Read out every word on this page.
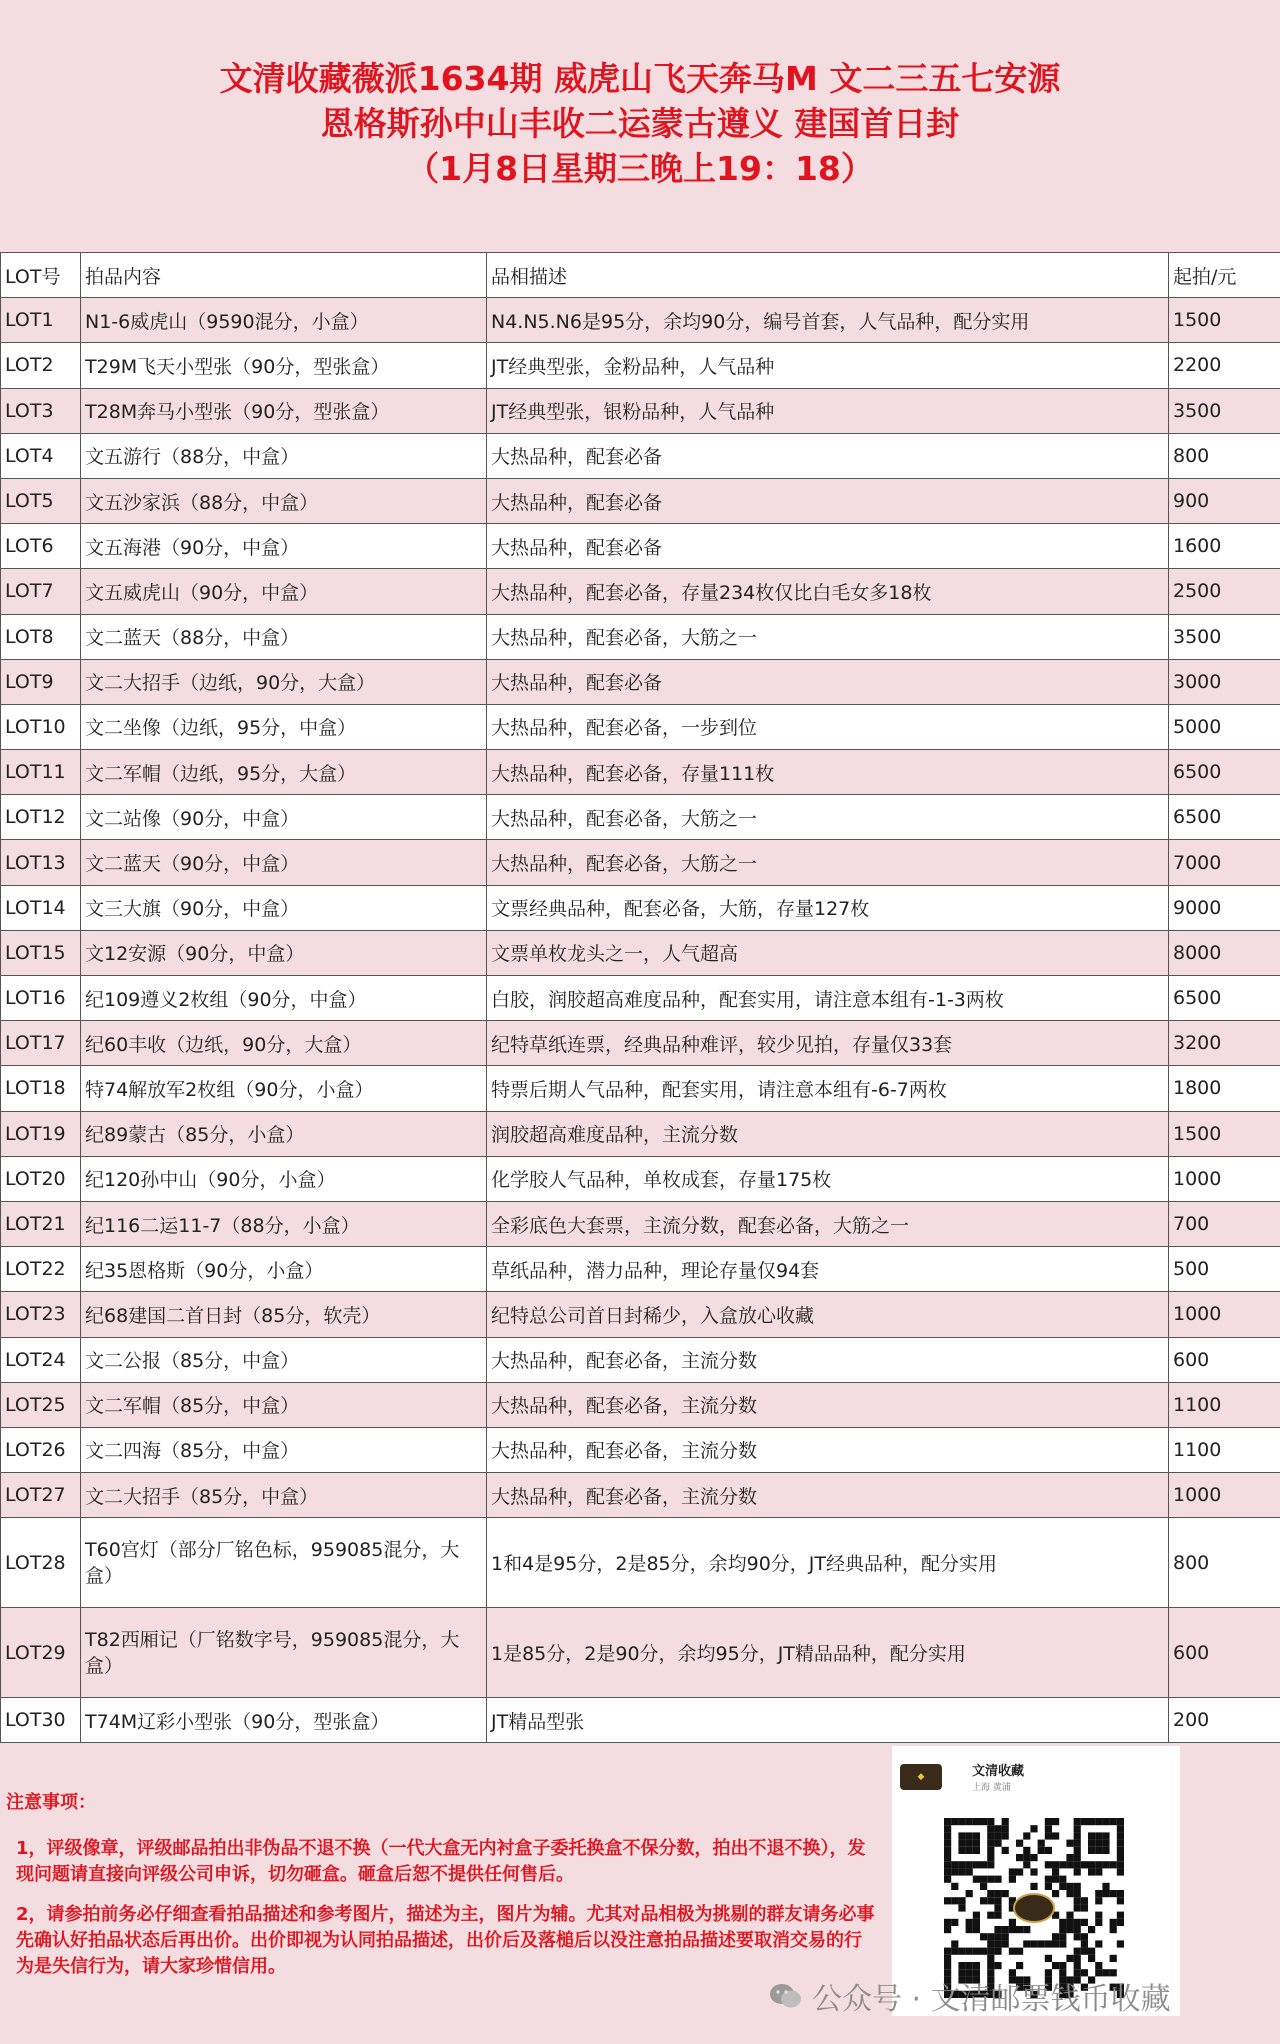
文清收藏薇派1634期 威虎山飞天奔马M 文二三五七安源
恩格斯孙中山丰收二运蒙古遵义 建国首日封
（1月8日星期三晚上19：18）
LOT号	拍品内容	品相描述	起拍/元
LOT1	N1-6威虎山（9590混分，小盒）	N4.N5.N6是95分，余均90分，编号首套，人气品种，配分实用	1500
LOT2	T29M飞天小型张（90分，型张盒）	JT经典型张，金粉品种，人气品种	2200
LOT3	T28M奔马小型张（90分，型张盒）	JT经典型张，银粉品种，人气品种	3500
LOT4	文五游行（88分，中盒）	大热品种，配套必备	800
LOT5	文五沙家浜（88分，中盒）	大热品种，配套必备	900
LOT6	文五海港（90分，中盒）	大热品种，配套必备	1600
LOT7	文五威虎山（90分，中盒）	大热品种，配套必备，存量234枚仅比白毛女多18枚	2500
LOT8	文二蓝天（88分，中盒）	大热品种，配套必备，大筋之一	3500
LOT9	文二大招手（边纸，90分，大盒）	大热品种，配套必备	3000
LOT10	文二坐像（边纸，95分，中盒）	大热品种，配套必备，一步到位	5000
LOT11	文二军帽（边纸，95分，大盒）	大热品种，配套必备，存量111枚	6500
LOT12	文二站像（90分，中盒）	大热品种，配套必备，大筋之一	6500
LOT13	文二蓝天（90分，中盒）	大热品种，配套必备，大筋之一	7000
LOT14	文三大旗（90分，中盒）	文票经典品种，配套必备，大筋，存量127枚	9000
LOT15	文12安源（90分，中盒）	文票单枚龙头之一，人气超高	8000
LOT16	纪109遵义2枚组（90分，中盒）	白胶，润胶超高难度品种，配套实用，请注意本组有-1-3两枚	6500
LOT17	纪60丰收（边纸，90分，大盒）	纪特草纸连票，经典品种难评，较少见拍，存量仅33套	3200
LOT18	特74解放军2枚组（90分，小盒）	特票后期人气品种，配套实用，请注意本组有-6-7两枚	1800
LOT19	纪89蒙古（85分，小盒）	润胶超高难度品种，主流分数	1500
LOT20	纪120孙中山（90分，小盒）	化学胶人气品种，单枚成套，存量175枚	1000
LOT21	纪116二运11-7（88分，小盒）	全彩底色大套票，主流分数，配套必备，大筋之一	700
LOT22	纪35恩格斯（90分，小盒）	草纸品种，潜力品种，理论存量仅94套	500
LOT23	纪68建国二首日封（85分，软壳）	纪特总公司首日封稀少，入盒放心收藏	1000
LOT24	文二公报（85分，中盒）	大热品种，配套必备，主流分数	600
LOT25	文二军帽（85分，中盒）	大热品种，配套必备，主流分数	1100
LOT26	文二四海（85分，中盒）	大热品种，配套必备，主流分数	1100
LOT27	文二大招手（85分，中盒）	大热品种，配套必备，主流分数	1000
LOT28	T60宫灯（部分厂铭色标，959085混分，大盒）	1和4是95分，2是85分，余均90分，JT经典品种，配分实用	800
LOT29	T82西厢记（厂铭数字号，959085混分，大盒）	1是85分，2是90分，余均95分，JT精品品种，配分实用	600
LOT30	T74M辽彩小型张（90分，型张盒）	JT精品型张	200
注意事项：

1，评级像章，评级邮品拍出非伪品不退不换（一代大盒无内衬盒子委托换盒不保分数，拍出不退不换），发现问题请直接向评级公司申诉，切勿砸盒。砸盒后恕不提供任何售后。

2，请参拍前务必仔细查看拍品描述和参考图片，描述为主，图片为辅。尤其对品相极为挑剔的群友请务必事先确认好拍品状态后再出价。出价即视为认同拍品描述，出价后及落槌后以没注意拍品描述要取消交易的行为是失信行为，请大家珍惜信用。

◆	文清收藏
上海 黄浦
公众号 · 文清邮票钱币收藏
